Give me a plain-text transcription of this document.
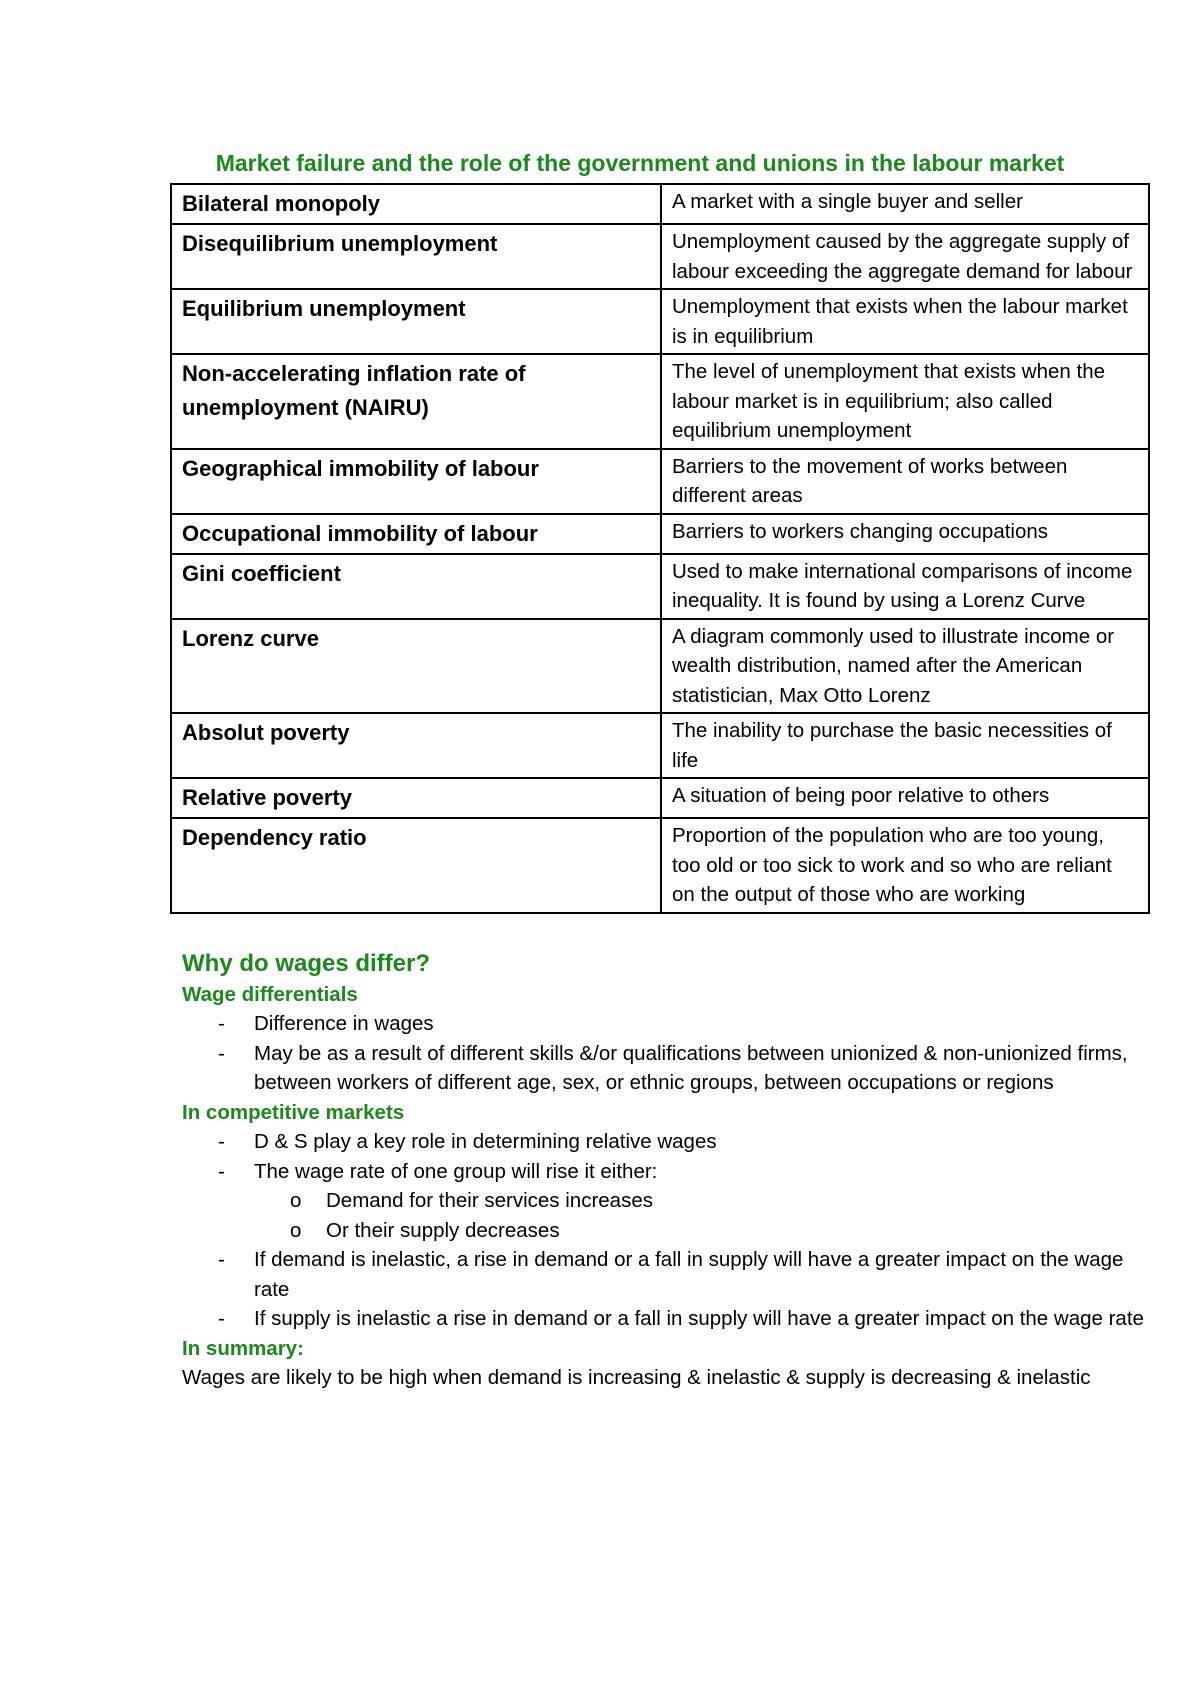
Market failure and the role of the government and unions in the labour market
Bilateral monopoly	A market with a single buyer and seller
Disequilibrium unemployment	Unemployment caused by the aggregate supply of labour exceeding the aggregate demand for labour
Equilibrium unemployment	Unemployment that exists when the labour market is in equilibrium
Non-accelerating inflation rate of unemployment (NAIRU)	The level of unemployment that exists when the labour market is in equilibrium; also called equilibrium unemployment
Geographical immobility of labour	Barriers to the movement of works between different areas
Occupational immobility of labour	Barriers to workers changing occupations
Gini coefficient	Used to make international comparisons of income inequality. It is found by using a Lorenz Curve
Lorenz curve	A diagram commonly used to illustrate income or wealth distribution, named after the American statistician, Max Otto Lorenz
Absolut poverty	The inability to purchase the basic necessities of life
Relative poverty	A situation of being poor relative to others
Dependency ratio	Proportion of the population who are too young, too old or too sick to work and so who are reliant on the output of those who are working
Why do wages differ?
Wage differentials
- Difference in wages
- May be as a result of different skills &/or qualifications between unionized & non-unionized firms, between workers of different age, sex, or ethnic groups, between occupations or regions
In competitive markets
- D & S play a key role in determining relative wages
- The wage rate of one group will rise it either:
o Demand for their services increases
o Or their supply decreases
- If demand is inelastic, a rise in demand or a fall in supply will have a greater impact on the wage rate
- If supply is inelastic a rise in demand or a fall in supply will have a greater impact on the wage rate
In summary:
Wages are likely to be high when demand is increasing & inelastic & supply is decreasing & inelastic
